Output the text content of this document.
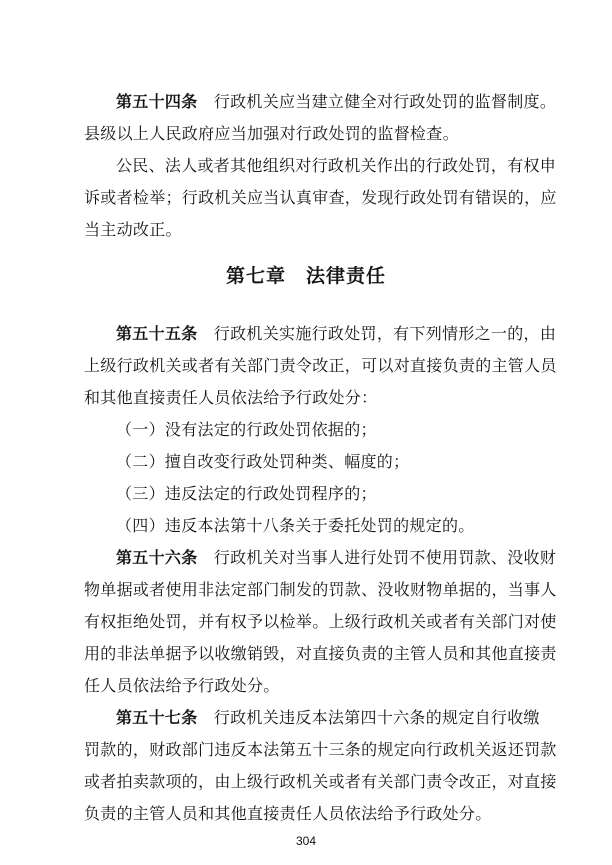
第五十四条  行政机关应当建立健全对行政处罚的监督制度。
县级以上人民政府应当加强对行政处罚的监督检查。
公民、法人或者其他组织对行政机关作出的行政处罚，有权申
诉或者检举；行政机关应当认真审查，发现行政处罚有错误的，应
当主动改正。
第七章　法律责任
第五十五条  行政机关实施行政处罚，有下列情形之一的，由
上级行政机关或者有关部门责令改正，可以对直接负责的主管人员
和其他直接责任人员依法给予行政处分：
（一）没有法定的行政处罚依据的；
（二）擅自改变行政处罚种类、幅度的；
（三）违反法定的行政处罚程序的；
（四）违反本法第十八条关于委托处罚的规定的。
第五十六条  行政机关对当事人进行处罚不使用罚款、没收财
物单据或者使用非法定部门制发的罚款、没收财物单据的，当事人
有权拒绝处罚，并有权予以检举。上级行政机关或者有关部门对使
用的非法单据予以收缴销毁，对直接负责的主管人员和其他直接责
任人员依法给予行政处分。
第五十七条  行政机关违反本法第四十六条的规定自行收缴
罚款的，财政部门违反本法第五十三条的规定向行政机关返还罚款
或者拍卖款项的，由上级行政机关或者有关部门责令改正，对直接
负责的主管人员和其他直接责任人员依法给予行政处分。
304
